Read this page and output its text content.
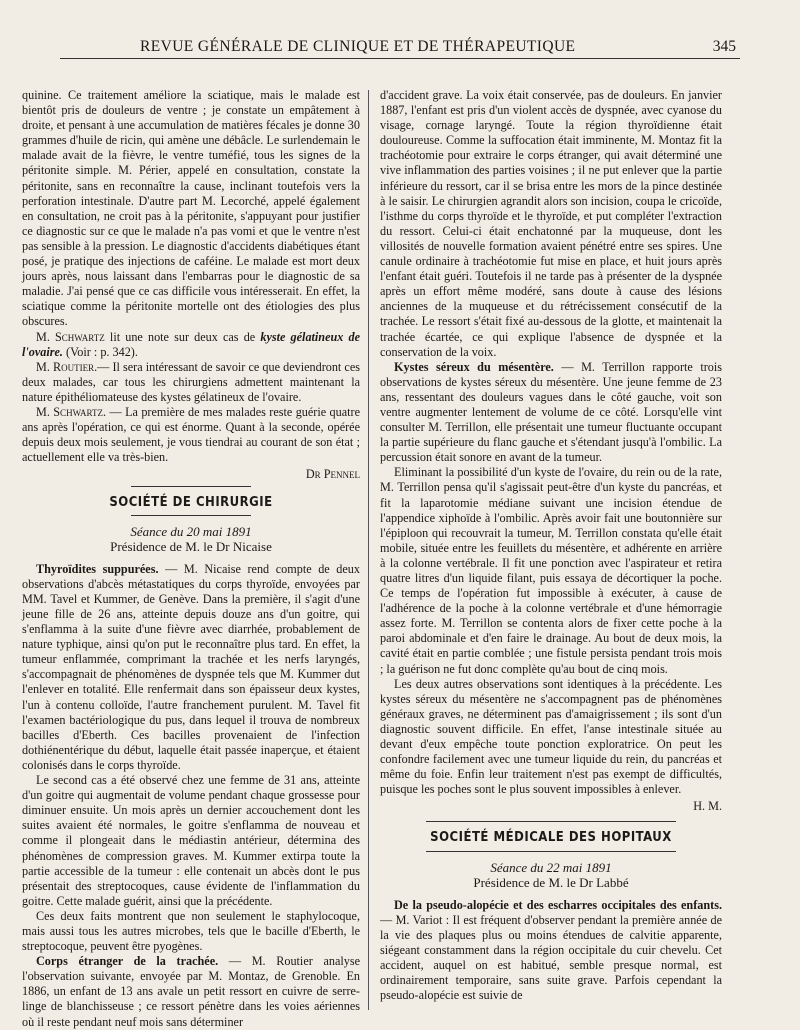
REVUE GÉNÉRALE DE CLINIQUE ET DE THÉRAPEUTIQUE	345

quinine. Ce traitement améliore la sciatique, mais le malade est bientôt pris de douleurs de ventre ; je constate un empâtement à droite, et pensant à une accumulation de matières fécales je donne 30 grammes d'huile de ricin, qui amène une débâcle. Le surlendemain le malade avait de la fièvre, le ventre tuméfié, tous les signes de la péritonite simple. M. Périer, appelé en consultation, constate la péritonite, sans en reconnaître la cause, inclinant toutefois vers la perforation intestinale. D'autre part M. Lecorché, appelé également en consultation, ne croit pas à la péritonite, s'appuyant pour justifier ce diagnostic sur ce que le malade n'a pas vomi et que le ventre n'est pas sensible à la pression. Le diagnostic d'accidents diabétiques étant posé, je pratique des injections de caféine. Le malade est mort deux jours après, nous laissant dans l'embarras pour le diagnostic de sa maladie. J'ai pensé que ce cas difficile vous intéresserait. En effet, la sciatique comme la péritonite mortelle ont des étiologies des plus obscures.

M. Schwartz lit une note sur deux cas de kyste gélatineux de l'ovaire. (Voir : p. 342).

M. Routier.— Il sera intéressant de savoir ce que deviendront ces deux malades, car tous les chirurgiens admettent maintenant la nature épithéliomateuse des kystes gélatineux de l'ovaire.

M. Schwartz. — La première de mes malades reste guérie quatre ans après l'opération, ce qui est énorme. Quant à la seconde, opérée depuis deux mois seulement, je vous tiendrai au courant de son état ; actuellement elle va très-bien.

Dr Pennel
SOCIÉTÉ DE CHIRURGIE
Séance du 20 mai 1891
Présidence de M. le Dr Nicaise

Thyroïdites suppurées. — M. Nicaise rend compte de deux observations d'abcès métastatiques du corps thyroïde, envoyées par MM. Tavel et Kummer, de Genève. Dans la première, il s'agit d'une jeune fille de 26 ans, atteinte depuis douze ans d'un goitre, qui s'enflamma à la suite d'une fièvre avec diarrhée, probablement de nature typhique, ainsi qu'on put le reconnaître plus tard. En effet, la tumeur enflammée, comprimant la trachée et les nerfs laryngés, s'accompagnait de phénomènes de dyspnée tels que M. Kummer dut l'enlever en totalité. Elle renfermait dans son épaisseur deux kystes, l'un à contenu colloïde, l'autre franchement purulent. M. Tavel fit l'examen bactériologique du pus, dans lequel il trouva de nombreux bacilles d'Eberth. Ces bacilles provenaient de l'infection dothiénentérique du début, laquelle était passée inaperçue, et étaient colonisés dans le corps thyroïde.

Le second cas a été observé chez une femme de 31 ans, atteinte d'un goitre qui augmentait de volume pendant chaque grossesse pour diminuer ensuite. Un mois après un dernier accouchement dont les suites avaient été normales, le goitre s'enflamma de nouveau et comme il plongeait dans le médiastin antérieur, détermina des phénomènes de compression graves. M. Kummer extirpa toute la partie accessible de la tumeur : elle contenait un abcès dont le pus présentait des streptocoques, cause évidente de l'inflammation du goitre. Cette malade guérit, ainsi que la précédente.

Ces deux faits montrent que non seulement le staphylocoque, mais aussi tous les autres microbes, tels que le bacille d'Eberth, le streptocoque, peuvent être pyogènes.

Corps étranger de la trachée. — M. Routier analyse l'observation suivante, envoyée par M. Montaz, de Grenoble. En 1886, un enfant de 13 ans avale un petit ressort en cuivre de serre-linge de blanchisseuse ; ce ressort pénètre dans les voies aériennes où il reste pendant neuf mois sans déterminer

d'accident grave. La voix était conservée, pas de douleurs. En janvier 1887, l'enfant est pris d'un violent accès de dyspnée, avec cyanose du visage, cornage laryngé. Toute la région thyroïdienne était douloureuse. Comme la suffocation était imminente, M. Montaz fit la trachéotomie pour extraire le corps étranger, qui avait déterminé une vive inflammation des parties voisines ; il ne put enlever que la partie inférieure du ressort, car il se brisa entre les mors de la pince destinée à le saisir. Le chirurgien agrandit alors son incision, coupa le cricoïde, l'isthme du corps thyroïde et le thyroïde, et put compléter l'extraction du ressort. Celui-ci était enchatonné par la muqueuse, dont les villosités de nouvelle formation avaient pénétré entre ses spires. Une canule ordinaire à trachéotomie fut mise en place, et huit jours après l'enfant était guéri. Toutefois il ne tarde pas à présenter de la dyspnée après un effort même modéré, sans doute à cause des lésions anciennes de la muqueuse et du rétrécissement consécutif de la trachée. Le ressort s'était fixé au-dessous de la glotte, et maintenait la trachée écartée, ce qui explique l'absence de dyspnée et la conservation de la voix.

Kystes séreux du mésentère. — M. Terrillon rapporte trois observations de kystes séreux du mésentère. Une jeune femme de 23 ans, ressentant des douleurs vagues dans le côté gauche, voit son ventre augmenter lentement de volume de ce côté. Lorsqu'elle vint consulter M. Terrillon, elle présentait une tumeur fluctuante occupant la partie supérieure du flanc gauche et s'étendant jusqu'à l'ombilic. La percussion était sonore en avant de la tumeur.

Eliminant la possibilité d'un kyste de l'ovaire, du rein ou de la rate, M. Terrillon pensa qu'il s'agissait peut-être d'un kyste du pancréas, et fit la laparotomie médiane suivant une incision étendue de l'appendice xiphoïde à l'ombilic. Après avoir fait une boutonnière sur l'épiploon qui recouvrait la tumeur, M. Terrillon constata qu'elle était mobile, située entre les feuillets du mésentère, et adhérente en arrière à la colonne vertébrale. Il fit une ponction avec l'aspirateur et retira quatre litres d'un liquide filant, puis essaya de décortiquer la poche. Ce temps de l'opération fut impossible à exécuter, à cause de l'adhérence de la poche à la colonne vertébrale et d'une hémorragie assez forte. M. Terrillon se contenta alors de fixer cette poche à la paroi abdominale et d'en faire le drainage. Au bout de deux mois, la cavité était en partie comblée ; une fistule persista pendant trois mois ; la guérison ne fut donc complète qu'au bout de cinq mois.

Les deux autres observations sont identiques à la précédente. Les kystes séreux du mésentère ne s'accompagnent pas de phénomènes généraux graves, ne déterminent pas d'amaigrissement ; ils sont d'un diagnostic souvent difficile. En effet, l'anse intestinale située au devant d'eux empêche toute ponction exploratrice. On peut les confondre facilement avec une tumeur liquide du rein, du pancréas et même du foie. Enfin leur traitement n'est pas exempt de difficultés, puisque les poches sont le plus souvent impossibles à enlever.

H. M.
SOCIÉTÉ MÉDICALE DES HOPITAUX
Séance du 22 mai 1891
Présidence de M. le Dr Labbé

De la pseudo-alopécie et des escharres occipitales des enfants. — M. Variot : Il est fréquent d'observer pendant la première année de la vie des plaques plus ou moins étendues de calvitie apparente, siégeant constamment dans la région occipitale du cuir chevelu. Cet accident, auquel on est habitué, semble presque normal, est ordinairement temporaire, sans suite grave. Parfois cependant la pseudo-alopécie est suivie de
